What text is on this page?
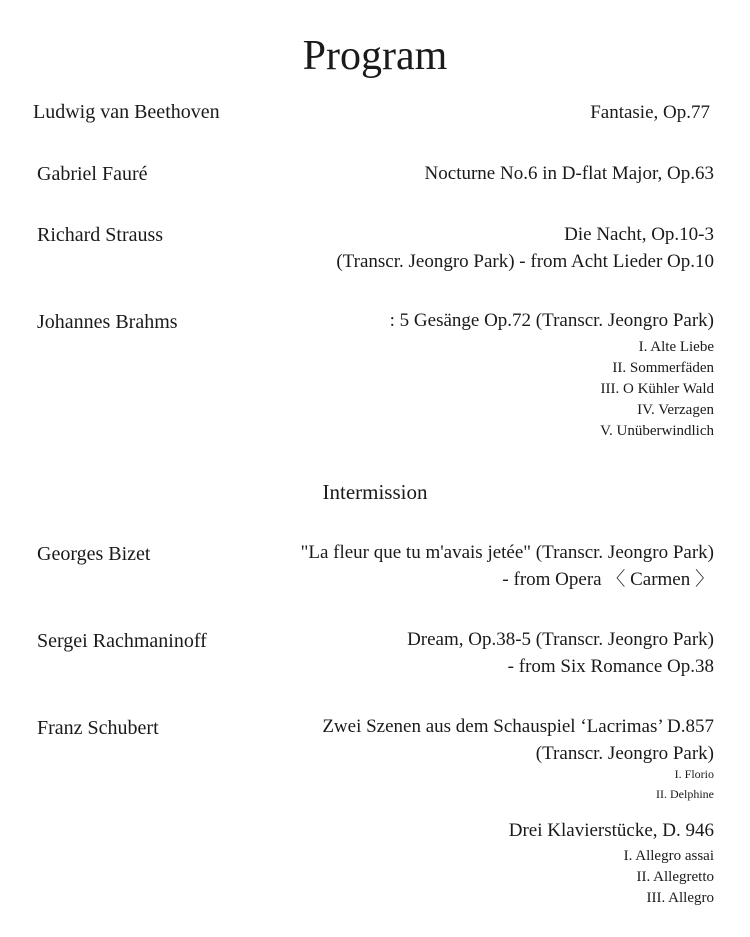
Program
Ludwig van Beethoven	Fantasie, Op.77
Gabriel Fauré	Nocturne No.6 in D-flat Major, Op.63
Richard Strauss	Die Nacht, Op.10-3
(Transcr. Jeongro Park) - from Acht Lieder Op.10
Johannes Brahms	: 5 Gesänge Op.72 (Transcr. Jeongro Park)
I. Alte Liebe
II. Sommerfäden
III. O Kühler Wald
IV. Verzagen
V. Unüberwindlich
Intermission
Georges Bizet	"La fleur que tu m'avais jetée" (Transcr. Jeongro Park)
- from Opera 〈 Carmen 〉
Sergei Rachmaninoff	Dream, Op.38-5 (Transcr. Jeongro Park)
- from Six Romance Op.38
Franz Schubert	Zwei Szenen aus dem Schauspiel ‘Lacrimas’ D.857
(Transcr. Jeongro Park)
I. Florio
II. Delphine
Drei Klavierstücke, D. 946
I. Allegro assai
II. Allegretto
III. Allegro
